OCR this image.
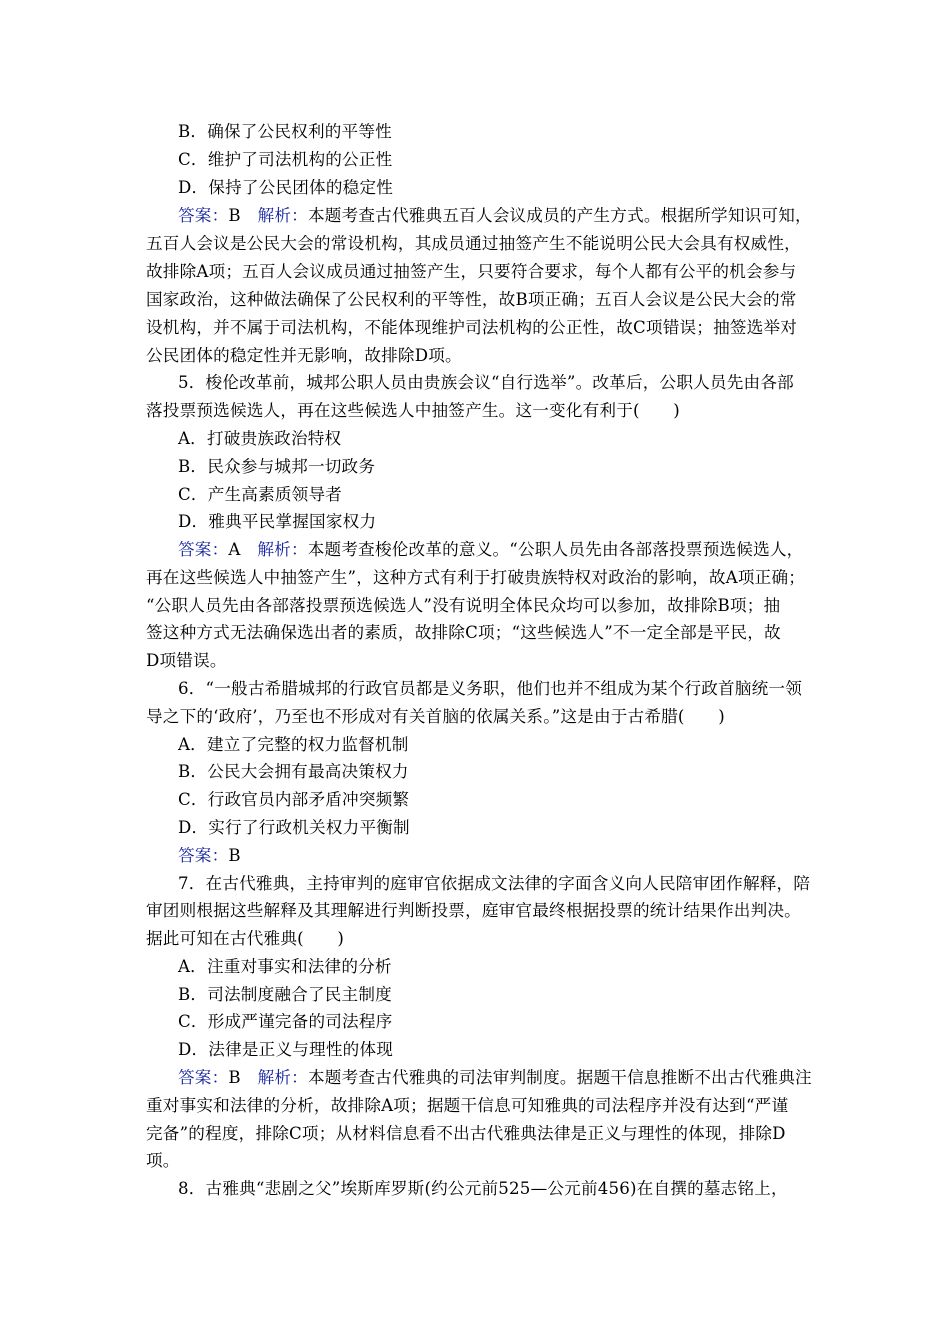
B．确保了公民权利的平等性
C．维护了司法机构的公正性
D．保持了公民团体的稳定性
答案：B　 解析：本题考查古代雅典五百人会议成员的产生方式。根据所学知识可知，
五百人会议是公民大会的常设机构，其成员通过抽签产生不能说明公民大会具有权威性，
故排除A项；五百人会议成员通过抽签产生，只要符合要求，每个人都有公平的机会参与
国家政治，这种做法确保了公民权利的平等性，故B项正确；五百人会议是公民大会的常
设机构，并不属于司法机构，不能体现维护司法机构的公正性，故C项错误；抽签选举对
公民团体的稳定性并无影响，故排除D项。
5．梭伦改革前，城邦公职人员由贵族会议“自行选举”。改革后，公职人员先由各部
落投票预选候选人，再在这些候选人中抽签产生。这一变化有利于(　　)
A．打破贵族政治特权
B．民众参与城邦一切政务
C．产生高素质领导者
D．雅典平民掌握国家权力
答案：A　 解析：本题考查梭伦改革的意义。“公职人员先由各部落投票预选候选人，
再在这些候选人中抽签产生”，这种方式有利于打破贵族特权对政治的影响，故A项正确；
“公职人员先由各部落投票预选候选人”没有说明全体民众均可以参加，故排除B项；抽
签这种方式无法确保选出者的素质，故排除C项；“这些候选人”不一定全部是平民，故
D项错误。
6．“一般古希腊城邦的行政官员都是义务职，他们也并不组成为某个行政首脑统一领
导之下的‘政府’，乃至也不形成对有关首脑的依属关系。”这是由于古希腊(　　)
A．建立了完整的权力监督机制
B．公民大会拥有最高决策权力
C．行政官员内部矛盾冲突频繁
D．实行了行政机关权力平衡制
答案：B
7．在古代雅典，主持审判的庭审官依据成文法律的字面含义向人民陪审团作解释，陪
审团则根据这些解释及其理解进行判断投票，庭审官最终根据投票的统计结果作出判决。
据此可知在古代雅典(　　)
A．注重对事实和法律的分析
B．司法制度融合了民主制度
C．形成严谨完备的司法程序
D．法律是正义与理性的体现
答案：B　 解析：本题考查古代雅典的司法审判制度。据题干信息推断不出古代雅典注
重对事实和法律的分析，故排除A项；据题干信息可知雅典的司法程序并没有达到“严谨
完备”的程度，排除C项；从材料信息看不出古代雅典法律是正义与理性的体现，排除D
项。
8．古雅典“悲剧之父”埃斯库罗斯(约公元前525—公元前456)在自撰的墓志铭上，
